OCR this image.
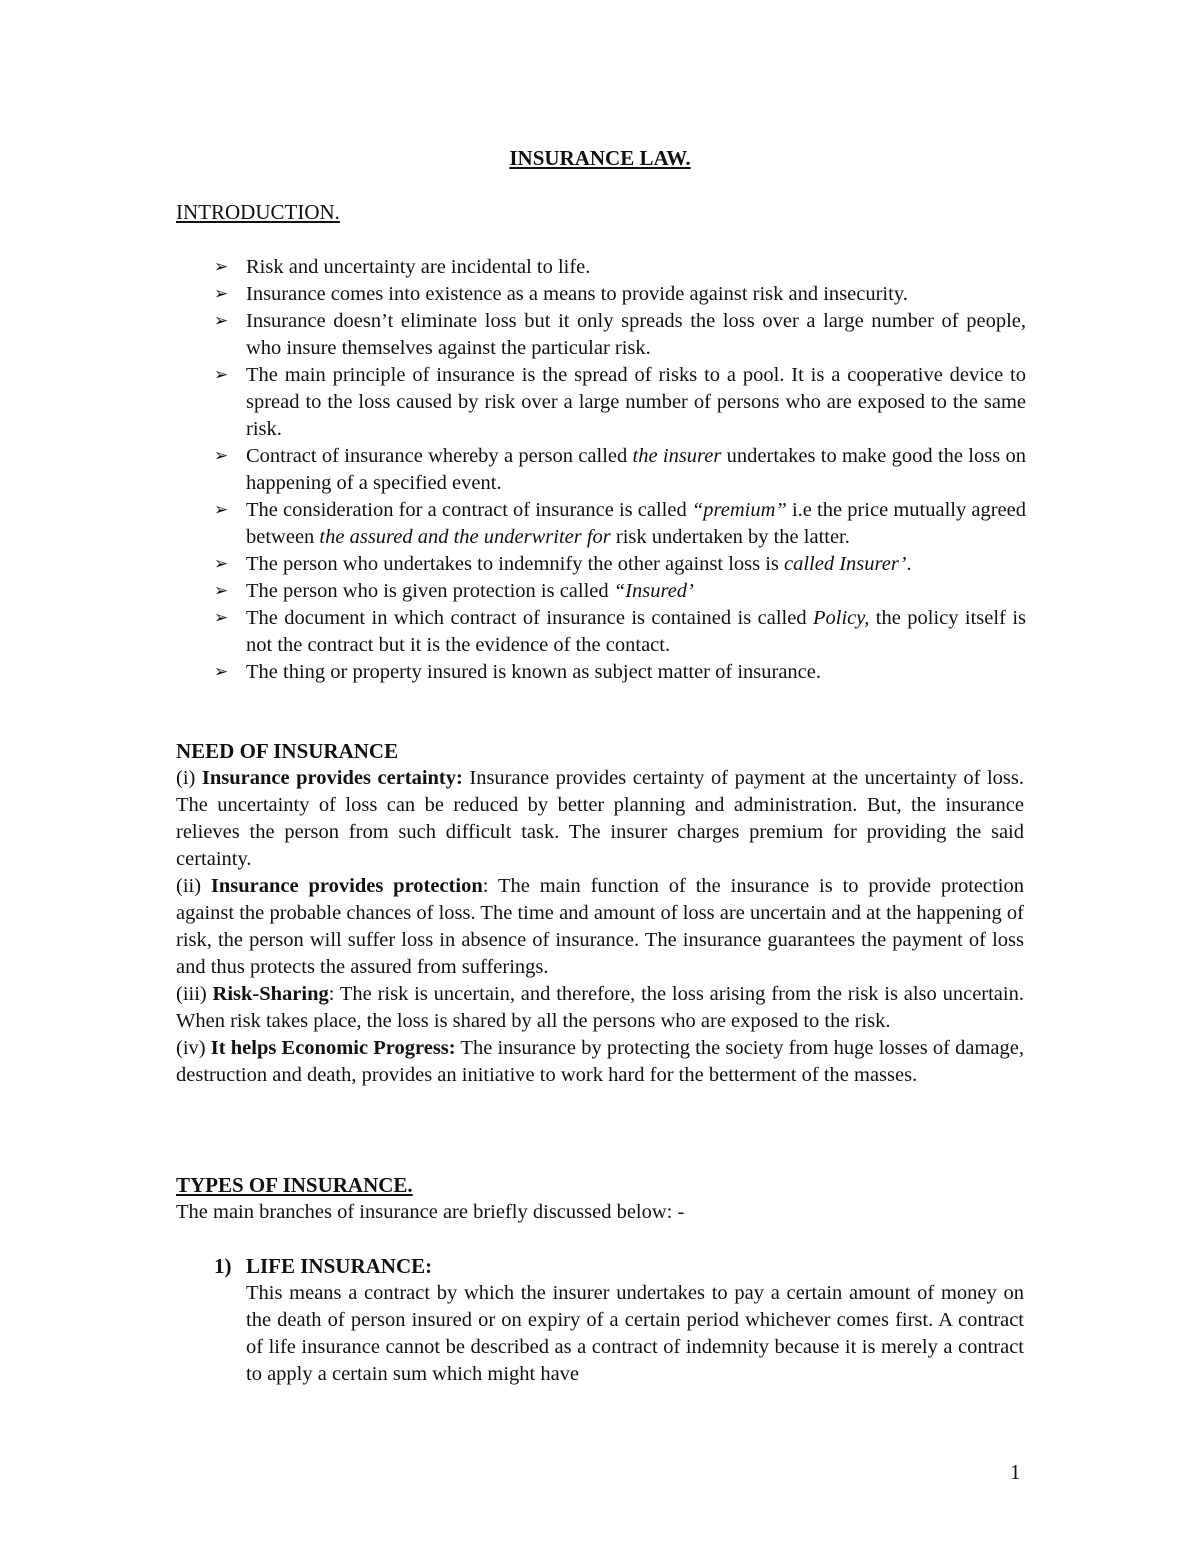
INSURANCE LAW.
INTRODUCTION.
➢ Risk and uncertainty are incidental to life.
➢ Insurance comes into existence as a means to provide against risk and insecurity.
➢ Insurance doesn’t eliminate loss but it only spreads the loss over a large number of people, who insure themselves against the particular risk.
➢ The main principle of insurance is the spread of risks to a pool. It is a cooperative device to spread to the loss caused by risk over a large number of persons who are exposed to the same risk.
➢ Contract of insurance whereby a person called the insurer undertakes to make good the loss on happening of a specified event.
➢ The consideration for a contract of insurance is called “premium” i.e the price mutually agreed between the assured and the underwriter for risk undertaken by the latter.
➢ The person who undertakes to indemnify the other against loss is called Insurer’.
➢ The person who is given protection is called “Insured’
➢ The document in which contract of insurance is contained is called Policy, the policy itself is not the contract but it is the evidence of the contact.
➢ The thing or property insured is known as subject matter of insurance.
NEED OF INSURANCE

(i) Insurance provides certainty: Insurance provides certainty of payment at the uncertainty of loss. The uncertainty of loss can be reduced by better planning and administration. But, the insurance relieves the person from such difficult task. The insurer charges premium for providing the said certainty.

(ii) Insurance provides protection: The main function of the insurance is to provide protection against the probable chances of loss. The time and amount of loss are uncertain and at the happening of risk, the person will suffer loss in absence of insurance. The insurance guarantees the payment of loss and thus protects the assured from sufferings.

(iii) Risk-Sharing: The risk is uncertain, and therefore, the loss arising from the risk is also uncertain. When risk takes place, the loss is shared by all the persons who are exposed to the risk.

(iv) It helps Economic Progress: The insurance by protecting the society from huge losses of damage, destruction and death, provides an initiative to work hard for the betterment of the masses.

TYPES OF INSURANCE.
The main branches of insurance are briefly discussed below: -
1) LIFE INSURANCE:
This means a contract by which the insurer undertakes to pay a certain amount of money on the death of person insured or on expiry of a certain period whichever comes first. A contract of life insurance cannot be described as a contract of indemnity because it is merely a contract to apply a certain sum which might have
1
